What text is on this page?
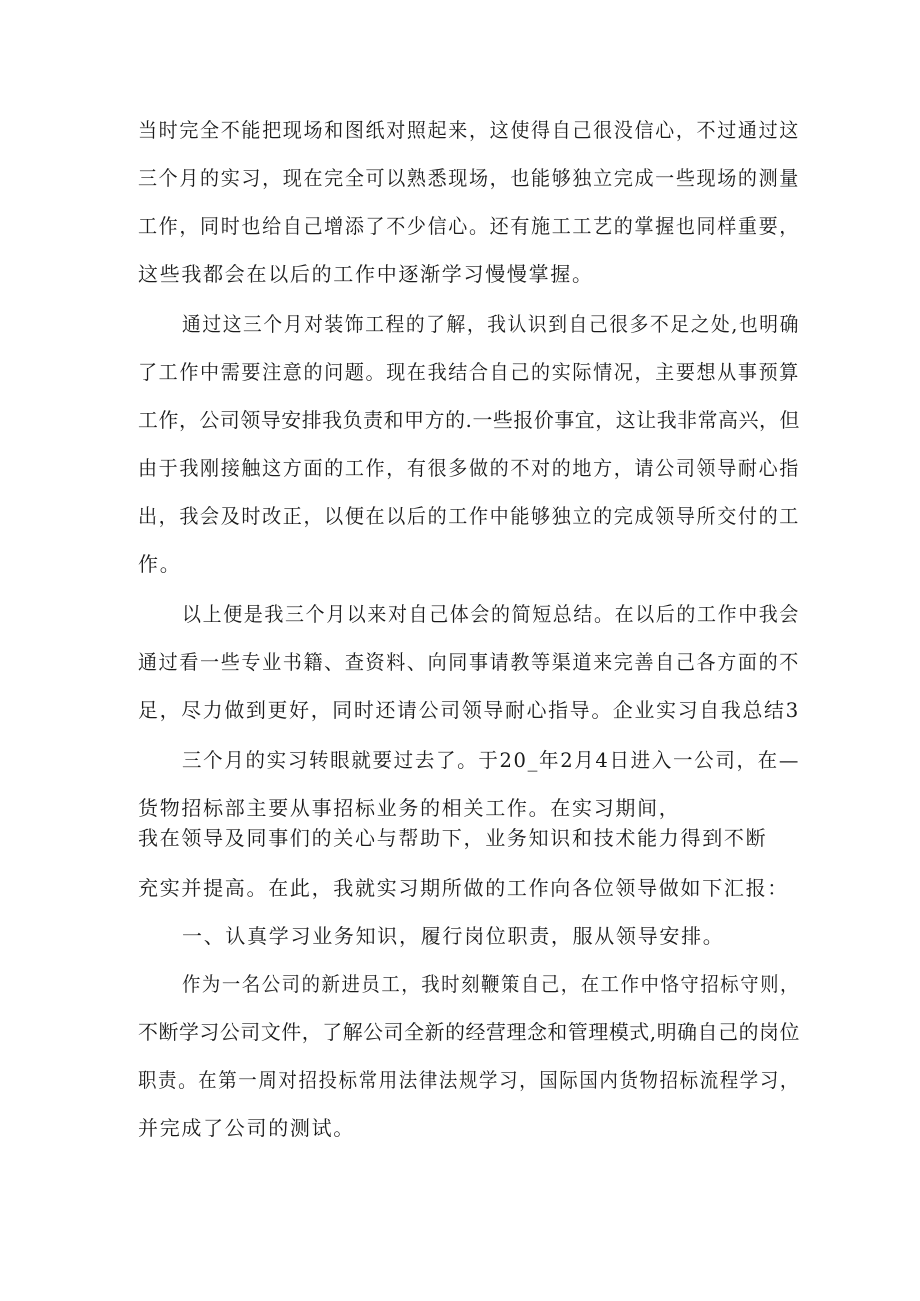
当时完全不能把现场和图纸对照起来，这使得自己很没信心，不过通过这
三个月的实习，现在完全可以熟悉现场，也能够独立完成一些现场的测量
工作，同时也给自己增添了不少信心。还有施工工艺的掌握也同样重要，
这些我都会在以后的工作中逐渐学习慢慢掌握。
通过这三个月对装饰工程的了解，我认识到自己很多不足之处,也明确
了工作中需要注意的问题。现在我结合自己的实际情况，主要想从事预算
工作，公司领导安排我负责和甲方的.一些报价事宜，这让我非常高兴，但
由于我刚接触这方面的工作，有很多做的不对的地方，请公司领导耐心指
出，我会及时改正，以便在以后的工作中能够独立的完成领导所交付的工
作。
以上便是我三个月以来对自己体会的简短总结。在以后的工作中我会
通过看一些专业书籍、查资料、向同事请教等渠道来完善自己各方面的不
足，尽力做到更好，同时还请公司领导耐心指导。企业实习自我总结3
三个月的实习转眼就要过去了。于20_年2月4日进入一公司，在—
货物招标部主要从事招标业务的相关工作。在实习期间，
我在领导及同事们的关心与帮助下，业务知识和技术能力得到不断
充实并提高。在此，我就实习期所做的工作向各位领导做如下汇报：
一、认真学习业务知识，履行岗位职责，服从领导安排。
作为一名公司的新进员工，我时刻鞭策自己，在工作中恪守招标守则，
不断学习公司文件，了解公司全新的经营理念和管理模式,明确自己的岗位
职责。在第一周对招投标常用法律法规学习，国际国内货物招标流程学习，
并完成了公司的测试。
